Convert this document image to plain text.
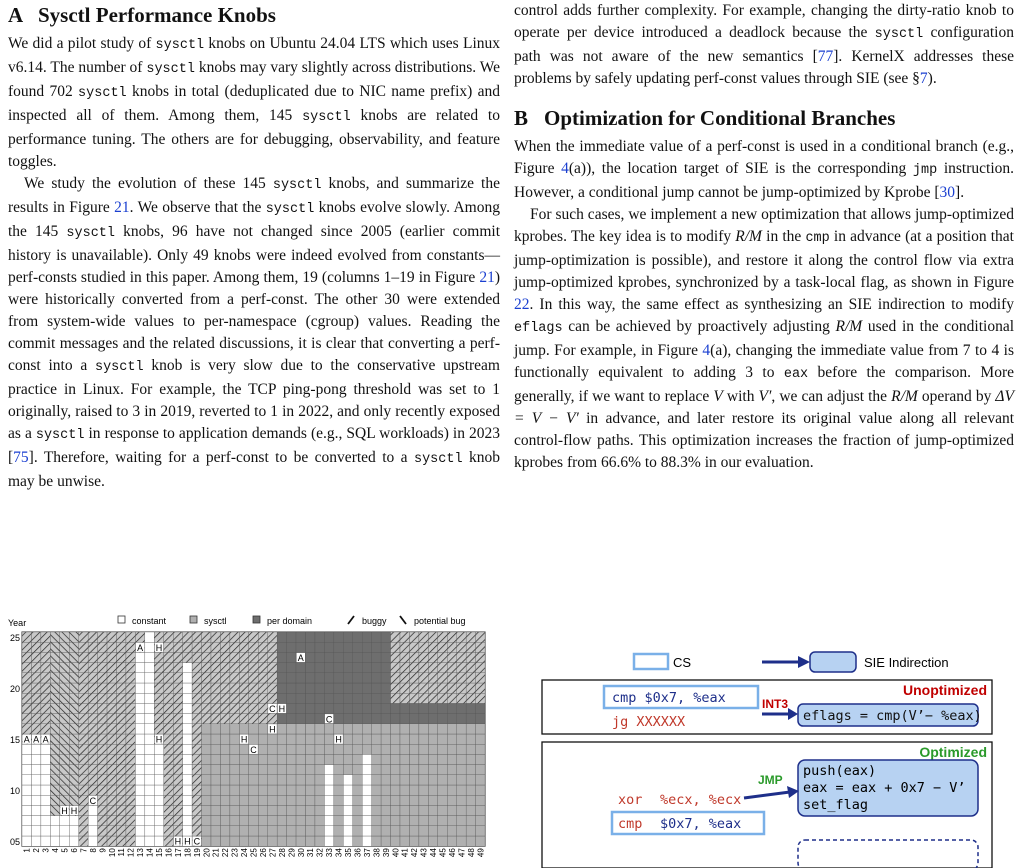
A Sysctl Performance Knobs

We did a pilot study of sysctl knobs on Ubuntu 24.04 LTS which uses Linux v6.14. The number of sysctl knobs may vary slightly across distributions. We found 702 sysctl knobs in total (deduplicated due to NIC name prefix) and inspected all of them. Among them, 145 sysctl knobs are related to performance tuning. The others are for debugging, observability, and feature toggles.

We study the evolution of these 145 sysctl knobs, and summarize the results in Figure 21. We observe that the sysctl knobs evolve slowly. Among the 145 sysctl knobs, 96 have not changed since 2005 (earlier commit history is unavailable). Only 49 knobs were indeed evolved from constants—perf-consts studied in this paper. Among them, 19 (columns 1–19 in Figure 21) were historically converted from a perf-const. The other 30 were extended from system-wide values to per-namespace (cgroup) values. Reading the commit messages and the related discussions, it is clear that converting a perf-const into a sysctl knob is very slow due to the conservative upstream practice in Linux. For example, the TCP ping-pong threshold was set to 1 originally, raised to 3 in 2019, reverted to 1 in 2022, and only recently exposed as a sysctl in response to application demands (e.g., SQL workloads) in 2023 [75]. Therefore, waiting for a perf-const to be converted to a sysctl knob may be unwise.

Year	constant	sysctl	per domain	buggy	potential bug
A H
A
C H
C
H	H
A A A	H
H
C
C
H H
H H C
25
20
15
10
05
1 2 3 4 5 6 7 8 9 10 11 12 13 14 15 16 17 18 19 20 21 22 23 24 25 26 27 28 29 30 31 32 33 34 35 36 37 38 39 40 41 42 43 44 45 46 47 48 49

control adds further complexity. For example, changing the dirty-ratio knob to operate per device introduced a deadlock because the sysctl configuration path was not aware of the new semantics [77]. KernelX addresses these problems by safely updating perf-const values through SIE (see §7).

B Optimization for Conditional Branches

When the immediate value of a perf-const is used in a conditional branch (e.g., Figure 4(a)), the location target of SIE is the corresponding jmp instruction. However, a conditional jump cannot be jump-optimized by Kprobe [30].

For such cases, we implement a new optimization that allows jump-optimized kprobes. The key idea is to modify R/M in the cmp in advance (at a position that jump-optimization is possible), and restore it along the control flow via extra jump-optimized kprobes, synchronized by a task-local flag, as shown in Figure 22. In this way, the same effect as synthesizing an SIE indirection to modify eflags can be achieved by proactively adjusting R/M used in the conditional jump. For example, in Figure 4(a), changing the immediate value from 7 to 4 is functionally equivalent to adding 3 to eax before the comparison. More generally, if we want to replace V with V′, we can adjust the R/M operand by ΔV = V − V′ in advance, and later restore its original value along all relevant control-flow paths. This optimization increases the fraction of jump-optimized kprobes from 66.6% to 88.3% in our evaluation.

CS	SIE Indirection
Unoptimized
cmp $0x7, %eax
jg XXXXXX
INT3
eflags = cmp(V’− %eax)
Optimized
push(eax)
eax = eax + 0x7 − V’
set_flag
JMP
xor %ecx, %ecx
cmp $0x7, %eax
